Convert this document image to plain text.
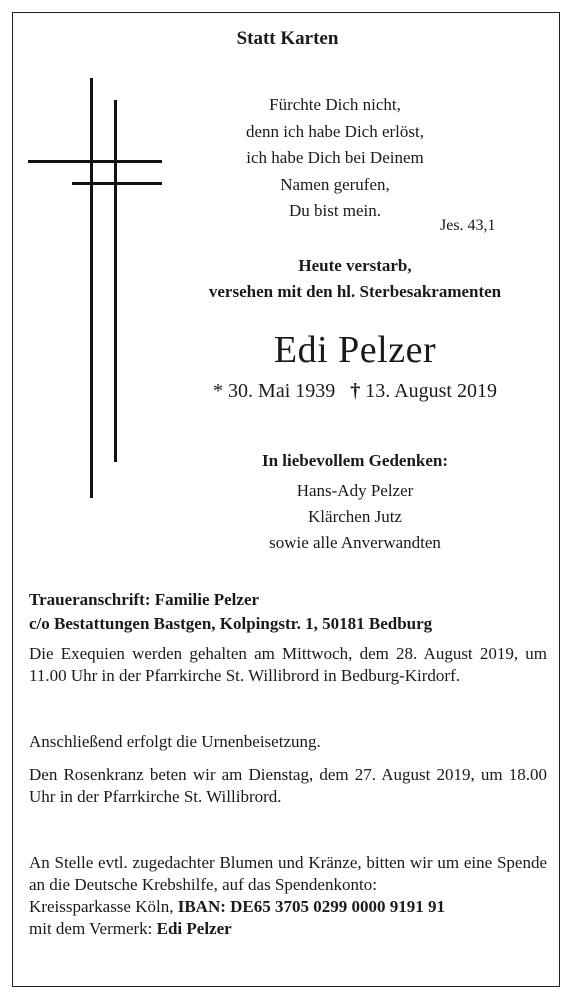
Statt Karten
Fürchte Dich nicht,
denn ich habe Dich erlöst,
ich habe Dich bei Deinem
Namen gerufen,
Du bist mein.
Jes. 43,1
Heute verstarb,
versehen mit den hl. Sterbesakramenten
Edi Pelzer
* 30. Mai 1939 † 13. August 2019
In liebevollem Gedenken:
Hans-Ady Pelzer
Klärchen Jutz
sowie alle Anverwandten
Traueranschrift: Familie Pelzer
c/o Bestattungen Bastgen, Kolpingstr. 1, 50181 Bedburg
Die Exequien werden gehalten am Mittwoch, dem 28. August 2019, um 11.00 Uhr in der Pfarrkirche St. Willibrord in Bedburg-Kirdorf.
Anschließend erfolgt die Urnenbeisetzung.
Den Rosenkranz beten wir am Dienstag, dem 27. August 2019, um 18.00 Uhr in der Pfarrkirche St. Willibrord.
An Stelle evtl. zugedachter Blumen und Kränze, bitten wir um eine Spende an die Deutsche Krebshilfe, auf das Spendenkonto:
Kreissparkasse Köln, IBAN: DE65 3705 0299 0000 9191 91
mit dem Vermerk: Edi Pelzer
